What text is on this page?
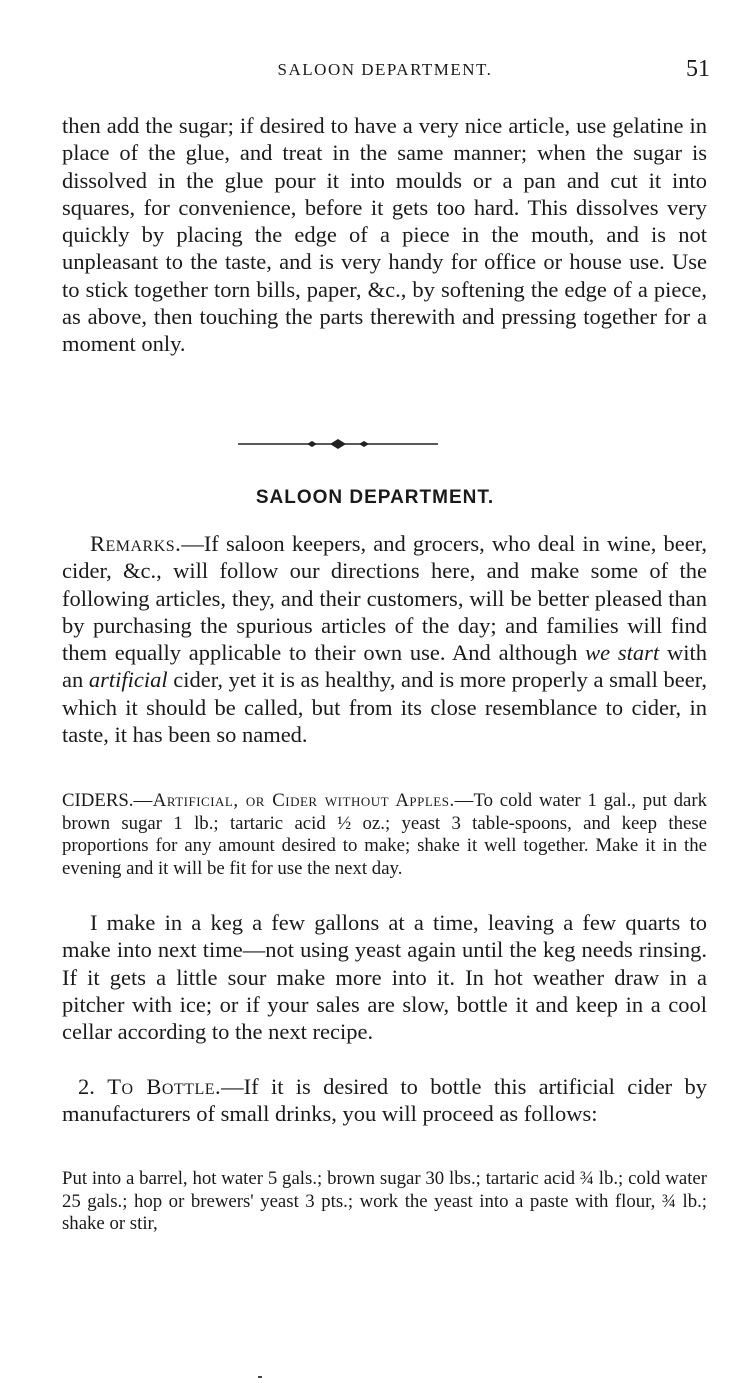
SALOON DEPARTMENT.	51

then add the sugar; if desired to have a very nice article, use gelatine in place of the glue, and treat in the same manner; when the sugar is dissolved in the glue pour it into moulds or a pan and cut it into squares, for convenience, before it gets too hard. This dissolves very quickly by placing the edge of a piece in the mouth, and is not unpleasant to the taste, and is very handy for office or house use. Use to stick together torn bills, paper, &c., by softening the edge of a piece, as above, then touching the parts therewith and pressing together for a moment only.

SALOON DEPARTMENT.

Remarks.—If saloon keepers, and grocers, who deal in wine, beer, cider, &c., will follow our directions here, and make some of the following articles, they, and their customers, will be better pleased than by purchasing the spurious articles of the day; and families will find them equally applicable to their own use. And although we start with an artificial cider, yet it is as healthy, and is more properly a small beer, which it should be called, but from its close resemblance to cider, in taste, it has been so named.

CIDERS.—Artificial, or Cider without Apples.—To cold water 1 gal., put dark brown sugar 1 lb.; tartaric acid ½ oz.; yeast 3 table-spoons, and keep these proportions for any amount desired to make; shake it well together. Make it in the evening and it will be fit for use the next day.

I make in a keg a few gallons at a time, leaving a few quarts to make into next time—not using yeast again until the keg needs rinsing. If it gets a little sour make more into it. In hot weather draw in a pitcher with ice; or if your sales are slow, bottle it and keep in a cool cellar according to the next recipe.

2. To Bottle.—If it is desired to bottle this artificial cider by manufacturers of small drinks, you will proceed as follows:

Put into a barrel, hot water 5 gals.; brown sugar 30 lbs.; tartaric acid ¾ lb.; cold water 25 gals.; hop or brewers' yeast 3 pts.; work the yeast into a paste with flour, ¾ lb.; shake or stir,
